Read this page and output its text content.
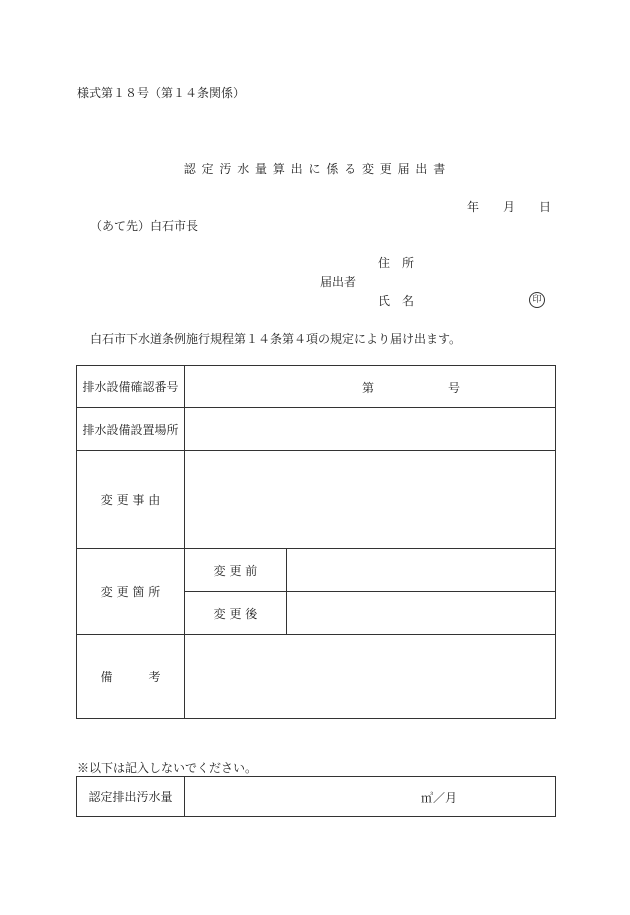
様式第１８号（第１４条関係）
認 定 汚 水 量 算 出 に 係 る 変 更 届 出 書
年 月 日
（あて先）白石市長
住　所
届出者
氏　名	印
白石市下水道条例施行規程第１４条第４項の規定により届け出ます。
排水設備確認番号	第 号	

排水設備設置場所		
変 更 事 由		
変 更 箇 所	変 更 前	
	変 更 後	
備　　　考		
※以下は記入しないでください。
認定排出汚水量	㎥／月
